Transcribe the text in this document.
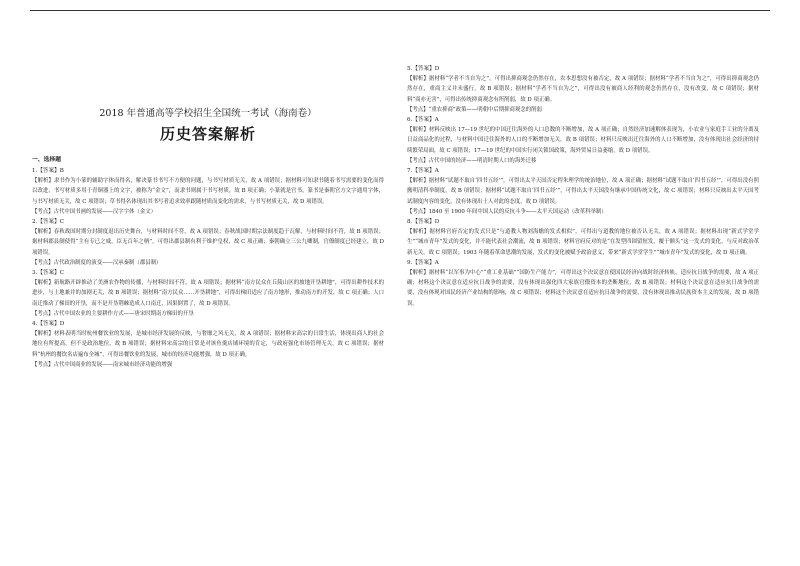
2018 年普通高等学校招生全国统一考试（海南卷）
历史答案解析
一、选择题
1.【答案】B
【解析】隶书作为小篆的辅助字体而得名，解决篆书书写不方便的问题，与书写材质无关，故 A 项错误；据材料可知隶书随着书写需要的变化而得以改进，书写材质多用于青铜器上的文字，被称为“金文”，而隶书则属于书写材质，故 B 项正确；小篆就是官书，篆书是秦朝官方文字通用字体，与书写材质无关，故 C 项错误；草书得名体现出其书写者追求效率跟随材质而变化的需求，与书写材质无关，故 D 项错误。
【考点】古代中国书画的发展——汉字字体（金文）
2.【答案】C
【解析】春秋战国时期分封制度退出历史舞台，与材料时间不符，故 A 项错误；春秋战国时期宗法制度趋于瓦解，与材料时间不符，故 B 项错误；据材料郡县制使得“主有专已之威，臣无百年之柄”，可得出郡县制有利于维护皇权，故 C 项正确；秦朝确立三公九卿制，官僚制度已经建立，故 D 项错误。
【考点】古代政治制度的演变——汉承秦制（郡县制）
3.【答案】C
【解析】新航路开辟推动了美洲农作物的传播，与材料时间不符，故 A 项错误；据材料“南方民众在丘陵山区的坡地开垦耕地”，可得出耕作技术的进步，与土地兼并的加剧无关，故 B 项错误；据材料“南方民众……开垦耕地”，可得出梯田适应了南方地形，推动南方的开发，故 C 项正确；人口南迁推动了梯田的开垦，而不是开垦荆棘造成人口南迁，因果倒置了，故 D 项错误。
【考点】古代中国农业的主要耕作方式——唐宋时期南方梯田的开垦
4.【答案】D
【解析】材料表明当时杭州餐饮业的发展，是城市经济发展的反映，与奢靡之风无关，故 A 项错误；据材料宋高宗的日常生活，体现出商人的社会地位有所提高，但不是政治地位，故 B 项错误；据材料宋高宗的日常是对该鱼羹店铺环境的肯定，与政府强化市场管理无关，故 C 项错误；据材料“杭州的餐饮名店遍布全城”，可得出餐饮业的发展，城市的经济功能增强，故 D 项正确。
【考点】古代中国商业的发展——南宋城市经济功能的增强
5.【答案】D
【解析】据材料“学者不当自为之”，可得出抑商观念仍然存在，农本思想没有被否定，故 A 项错误；据材料“学者不当自为之”，可得出抑商观念仍然存在，重商主义并未盛行，故 B 项错误；据材料“学者不当自为之”，可得出没有被商人经利的观念仍然存在，没有改变，故 C 项错误；据材料“商亦无害”，可得出传统抑商观念有所削弱，故 D 项正确。
【考点】“重农抑商”政策——明朝中后期抑商观念的削弱
6.【答案】A
【解析】材料反映出 17—19 世纪的中国迁往海外的人口总数的不断增加，故 A 项正确；自然经济加速解体表现为，小农业与家庭手工业的分离及日益商品化的过程，与材料中国迁往海外的人口的不断增加无关，故 B 项错误；材料只反映出迁往海外的人口不断增加，没有体现出社会经济的持续繁荣局面，故 C 项错误；17—19 世纪的中国实行闭关锁国政策，海外贸易日益萎缩，故 D 项错误。
【考点】古代中国的经济——明清时期人口的海外迁移
7.【答案】A
【解析】据材料“试题不取自‘四书五经’”，可得出太平天国否定程朱理学的统治地位，故 A 项正确；据材料“试题不取自‘四书五经’”，可得出没有照搬明清科举制度，故 B 项错误；据材料“试题不取自‘四书五经’”，可得出太平天国没有继承中国传统文化，故 C 项错误；材料只反映出太平天国考试制度内容的变化，没有体现出士人对此的态度，故 D 项错误。
【考点】1840 至 1900 年间中国人民的反抗斗争——太平天国运动（改革科举制）
8.【答案】D
【解析】据材料官府否定的发式只是“与道教人物刘海蟾的发式相似”，可得出与道教的地位被否认无关，故 A 项错误；据材料出现“新式学堂学生”“城市青年”发式的变化，并不能代表社会潮流，故 B 项错误；材料官府反对的是“在发型四围留短发，覆于额头”这一发式的变化，与反对政治革新无关，故 C 项错误；1903 年随着革命思潮的发展，发式的变化被赋予政治意义，带来“新式学堂学生”“城市青年”发式的变化，故 D 项正确。
9.【答案】A
【解析】据材料“以军事为中心”“重工业基础”“国防生产能力”，可得出这个决议意在使国民经济向战时经济转轨，适应抗日战争的需要，故 A 项正确；材料这个决议意在适应抗日战争的需要，没有体现出强化四大家族官僚资本的垄断地位，故 B 项错误；材料这个决议意在适应抗日战争的需要，没有体现对国民经济产业结构的影响，故 C 项错误；材料这个决议意在适应抗日战争的需要，没有体现出推动民族资本主义的发展，故 D 项错误。
